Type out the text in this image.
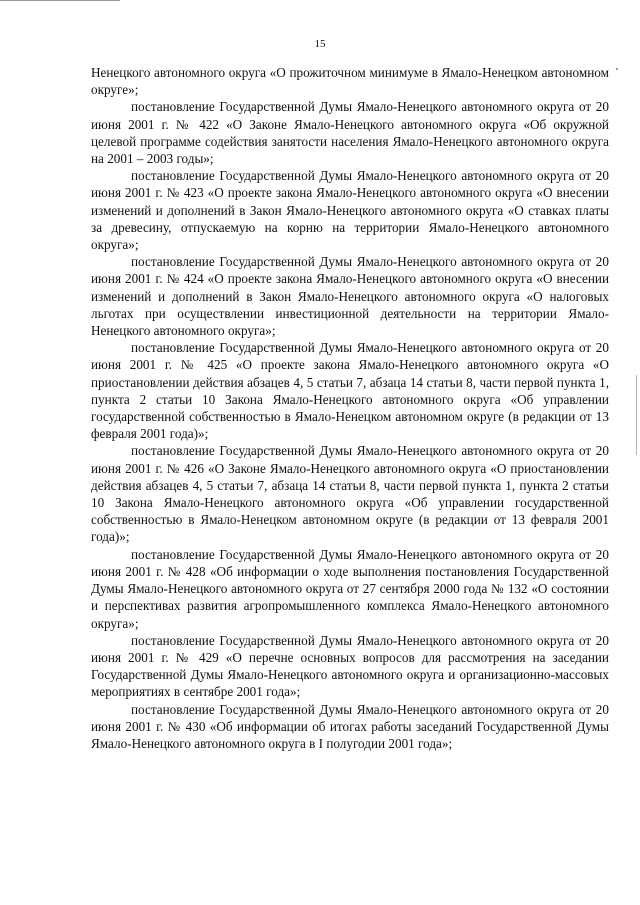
15

Ненецкого автономного округа «О прожиточном минимуме в Ямало-Ненецком автономном округе»;

постановление Государственной Думы Ямало-Ненецкого автономного округа от 20 июня 2001 г. № 422 «О Законе Ямало-Ненецкого автономного округа «Об окружной целевой программе содействия занятости населения Ямало-Ненецкого автономного округа на 2001 – 2003 годы»;

постановление Государственной Думы Ямало-Ненецкого автономного округа от 20 июня 2001 г. № 423 «О проекте закона Ямало-Ненецкого автономного округа «О внесении изменений и дополнений в Закон Ямало-Ненецкого автономного округа «О ставках платы за древесину, отпускаемую на корню на территории Ямало-Ненецкого автономного округа»;

постановление Государственной Думы Ямало-Ненецкого автономного округа от 20 июня 2001 г. № 424 «О проекте закона Ямало-Ненецкого автономного округа «О внесении изменений и дополнений в Закон Ямало-Ненецкого автономного округа «О налоговых льготах при осуществлении инвестиционной деятельности на территории Ямало-Ненецкого автономного округа»;

постановление Государственной Думы Ямало-Ненецкого автономного округа от 20 июня 2001 г. № 425 «О проекте закона Ямало-Ненецкого автономного округа «О приостановлении действия абзацев 4, 5 статьи 7, абзаца 14 статьи 8, части первой пункта 1, пункта 2 статьи 10 Закона Ямало-Ненецкого автономного округа «Об управлении государственной собственностью в Ямало-Ненецком автономном округе (в редакции от 13 февраля 2001 года)»;

постановление Государственной Думы Ямало-Ненецкого автономного округа от 20 июня 2001 г. № 426 «О Законе Ямало-Ненецкого автономного округа «О приостановлении действия абзацев 4, 5 статьи 7, абзаца 14 статьи 8, части первой пункта 1, пункта 2 статьи 10 Закона Ямало-Ненецкого автономного округа «Об управлении государственной собственностью в Ямало-Ненецком автономном округе (в редакции от 13 февраля 2001 года)»;

постановление Государственной Думы Ямало-Ненецкого автономного округа от 20 июня 2001 г. № 428 «Об информации о ходе выполнения постановления Государственной Думы Ямало-Ненецкого автономного округа от 27 сентября 2000 года № 132 «О состоянии и перспективах развития агропромышленного комплекса Ямало-Ненецкого автономного округа»;

постановление Государственной Думы Ямало-Ненецкого автономного округа от 20 июня 2001 г. № 429 «О перечне основных вопросов для рассмотрения на заседании Государственной Думы Ямало-Ненецкого автономного округа и организационно-массовых мероприятиях в сентябре 2001 года»;

постановление Государственной Думы Ямало-Ненецкого автономного округа от 20 июня 2001 г. № 430 «Об информации об итогах работы заседаний Государственной Думы Ямало-Ненецкого автономного округа в I полугодии 2001 года»;
